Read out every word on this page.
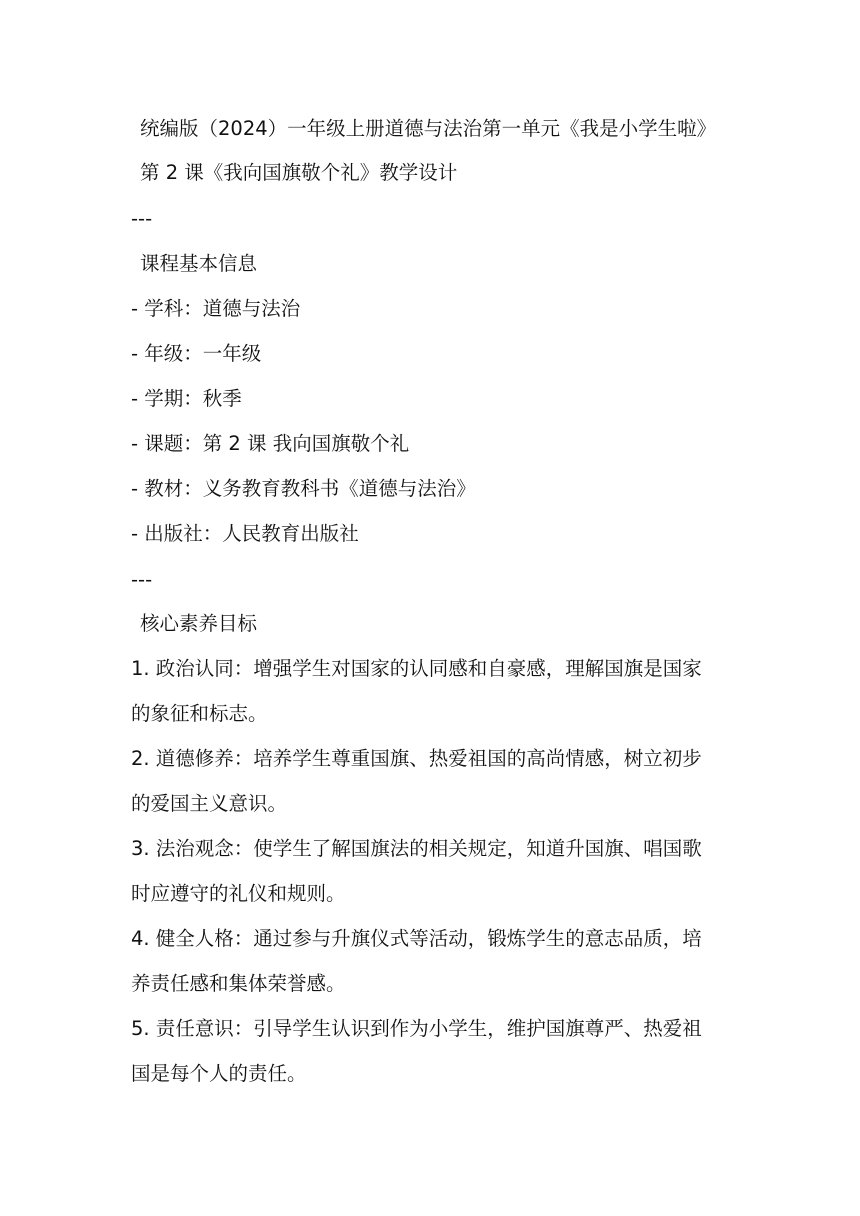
统编版（2024）一年级上册道德与法治第一单元《我是小学生啦》
第 2 课《我向国旗敬个礼》教学设计
---
课程基本信息
- 学科：道德与法治
- 年级：一年级
- 学期：秋季
- 课题：第 2 课 我向国旗敬个礼
- 教材：义务教育教科书《道德与法治》
- 出版社：人民教育出版社
---
核心素养目标
1. 政治认同：增强学生对国家的认同感和自豪感，理解国旗是国家
的象征和标志。
2. 道德修养：培养学生尊重国旗、热爱祖国的高尚情感，树立初步
的爱国主义意识。
3. 法治观念：使学生了解国旗法的相关规定，知道升国旗、唱国歌
时应遵守的礼仪和规则。
4. 健全人格：通过参与升旗仪式等活动，锻炼学生的意志品质，培
养责任感和集体荣誉感。
5. 责任意识：引导学生认识到作为小学生，维护国旗尊严、热爱祖
国是每个人的责任。
